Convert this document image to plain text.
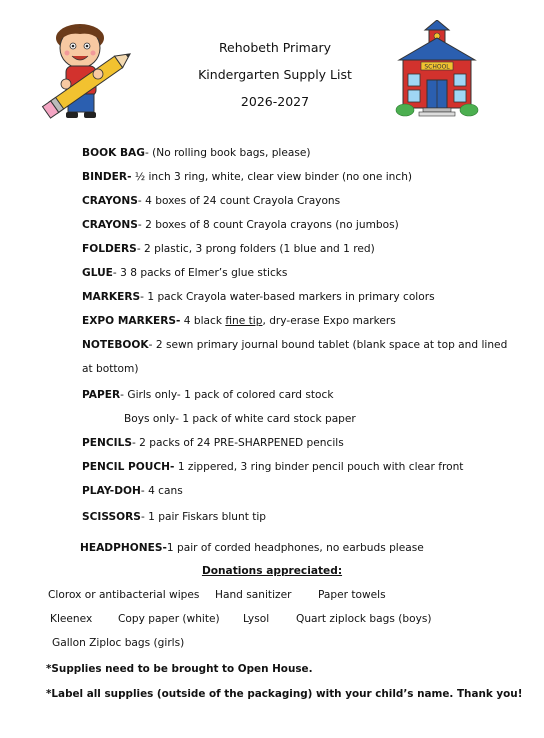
Rehobeth Primary
Kindergarten Supply List
2026-2027
SCHOOL
BOOK BAG- (No rolling book bags, please)
BINDER- ½ inch 3 ring, white, clear view binder (no one inch)
CRAYONS- 4 boxes of 24 count Crayola Crayons
CRAYONS- 2 boxes of 8 count Crayola crayons (no jumbos)
FOLDERS- 2 plastic, 3 prong folders (1 blue and 1 red)
GLUE- 3 8 packs of Elmer’s glue sticks
MARKERS- 1 pack Crayola water-based markers in primary colors
EXPO MARKERS- 4 black fine tip, dry-erase Expo markers
NOTEBOOK- 2 sewn primary journal bound tablet (blank space at top and lined at bottom)
PAPER- Girls only- 1 pack of colored card stock
Boys only- 1 pack of white card stock paper
PENCILS- 2 packs of 24 PRE-SHARPENED pencils
PENCIL POUCH- 1 zippered, 3 ring binder pencil pouch with clear front
PLAY-DOH- 4 cans
SCISSORS- 1 pair Fiskars blunt tip
HEADPHONES-1 pair of corded headphones, no earbuds please
Donations appreciated:
Clorox or antibacterial wipes Hand sanitizer	Paper towels
Kleenex Copy paper (white) Lysol	Quart ziplock bags (boys)
Gallon Ziploc bags (girls)
*Supplies need to be brought to Open House.
*Label all supplies (outside of the packaging) with your child’s name. Thank you!
